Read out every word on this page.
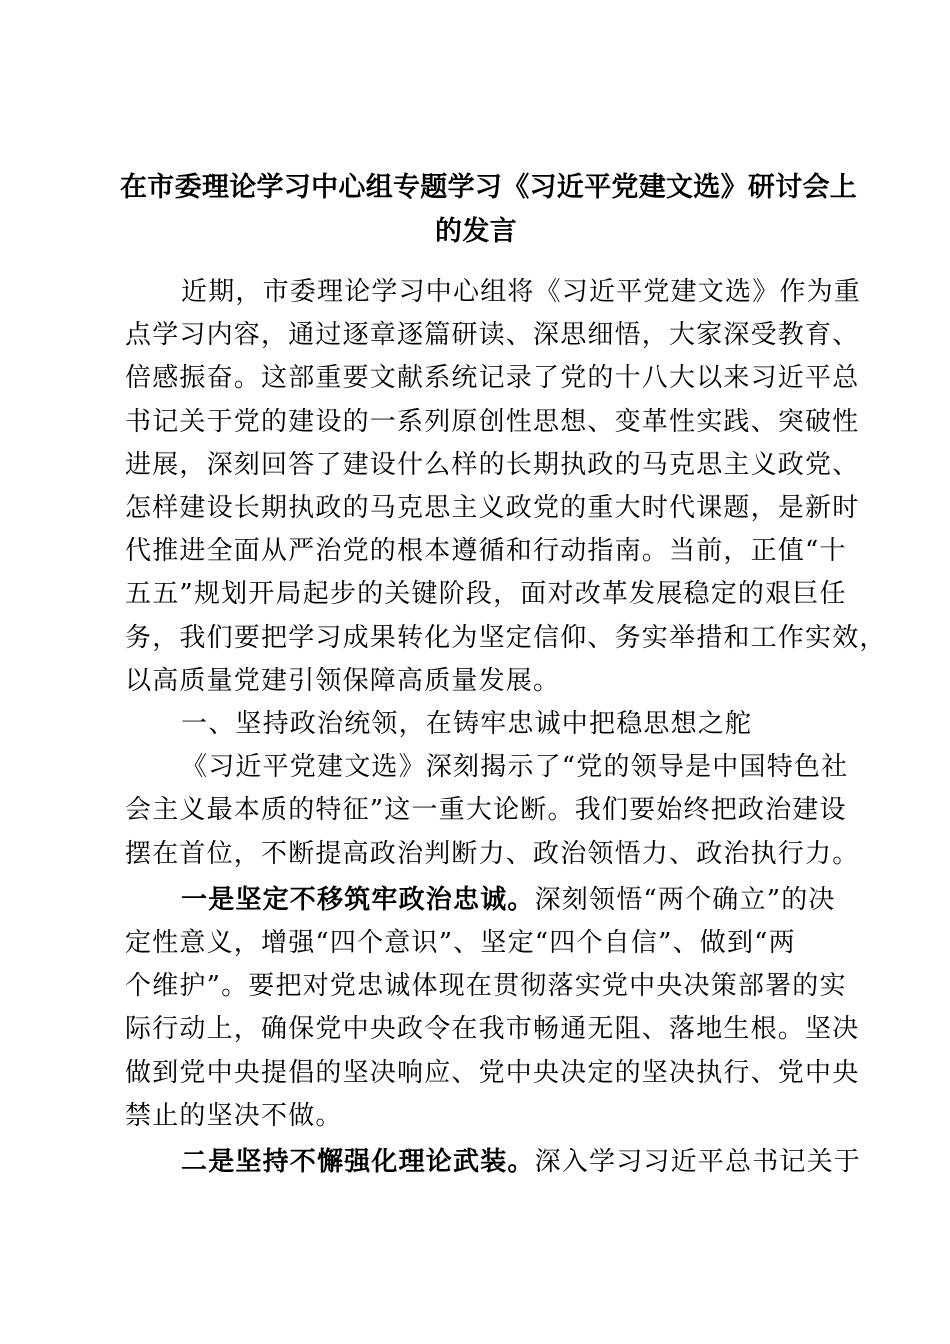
在市委理论学习中心组专题学习《习近平党建文选》研讨会上
的发言

近期，市委理论学习中心组将《习近平党建文选》作为重
点学习内容，通过逐章逐篇研读、深思细悟，大家深受教育、
倍感振奋。这部重要文献系统记录了党的十八大以来习近平总
书记关于党的建设的一系列原创性思想、变革性实践、突破性
进展，深刻回答了建设什么样的长期执政的马克思主义政党、
怎样建设长期执政的马克思主义政党的重大时代课题，是新时
代推进全面从严治党的根本遵循和行动指南。当前，正值“十
五五”规划开局起步的关键阶段，面对改革发展稳定的艰巨任
务，我们要把学习成果转化为坚定信仰、务实举措和工作实效，
以高质量党建引领保障高质量发展。

一、坚持政治统领，在铸牢忠诚中把稳思想之舵

《习近平党建文选》深刻揭示了“党的领导是中国特色社
会主义最本质的特征”这一重大论断。我们要始终把政治建设
摆在首位，不断提高政治判断力、政治领悟力、政治执行力。

一是坚定不移筑牢政治忠诚。深刻领悟“两个确立”的决
定性意义，增强“四个意识”、坚定“四个自信”、做到“两
个维护”。要把对党忠诚体现在贯彻落实党中央决策部署的实
际行动上，确保党中央政令在我市畅通无阻、落地生根。坚决
做到党中央提倡的坚决响应、党中央决定的坚决执行、党中央
禁止的坚决不做。

二是坚持不懈强化理论武装。深入学习习近平总书记关于
